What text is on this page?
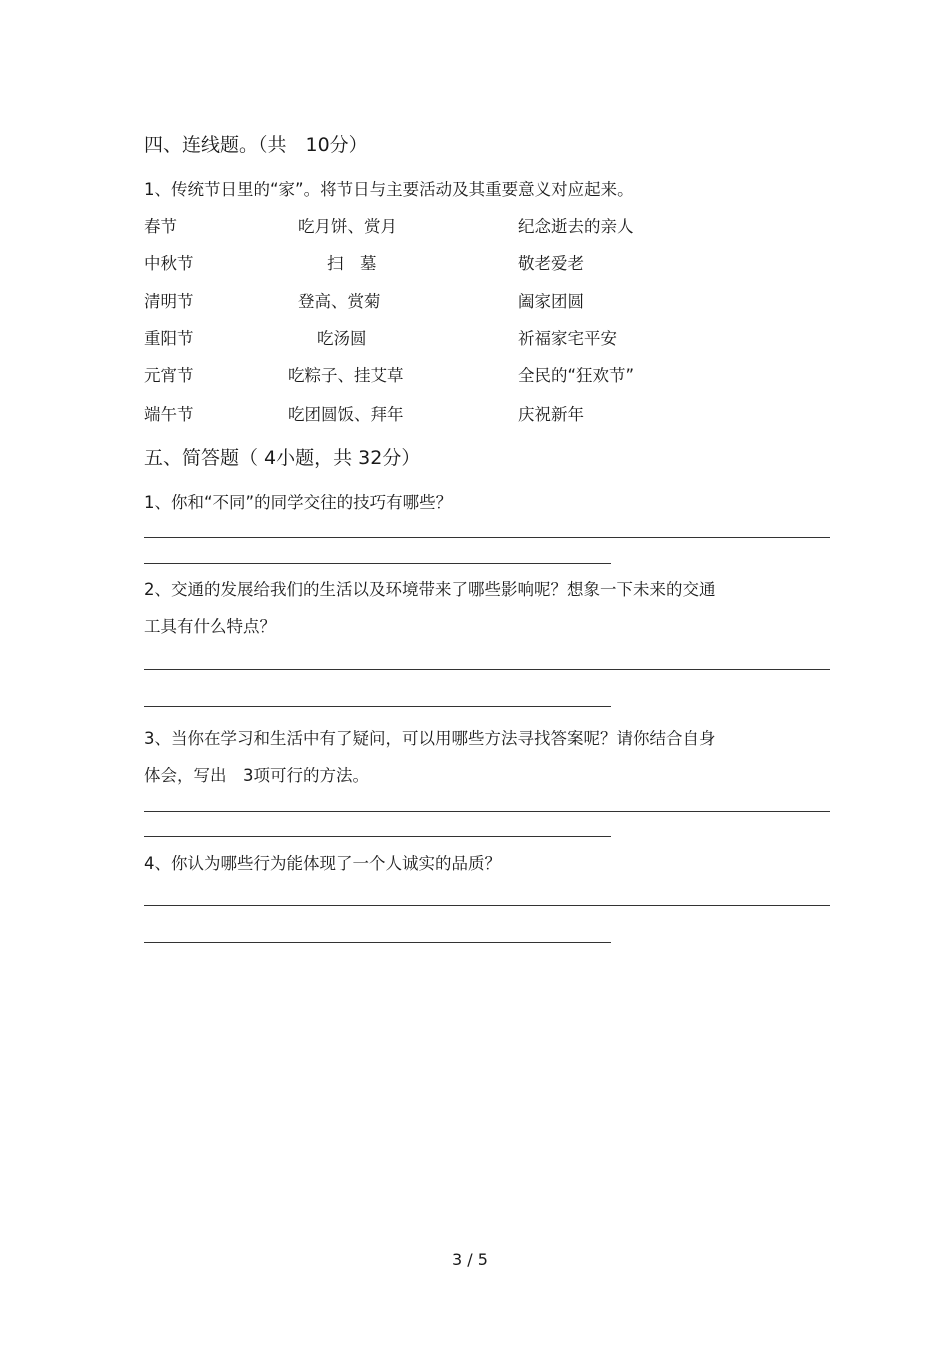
四、连线题。（共　10分）
1、传统节日里的“家”。将节日与主要活动及其重要意义对应起来。
春节	吃月饼、赏月	纪念逝去的亲人
中秋节	扫　墓	敬老爱老
清明节	登高、赏菊	阖家团圆
重阳节	吃汤圆	祈福家宅平安
元宵节	吃粽子、挂艾草	全民的“狂欢节”
端午节	吃团圆饭、拜年	庆祝新年
五、简答题（ 4小题，共 32分）
1、你和“不同”的同学交往的技巧有哪些？
2、交通的发展给我们的生活以及环境带来了哪些影响呢？想象一下未来的交通
工具有什么特点？
3、当你在学习和生活中有了疑问，可以用哪些方法寻找答案呢？请你结合自身
体会，写出　3项可行的方法。
4、你认为哪些行为能体现了一个人诚实的品质？
3 / 5
